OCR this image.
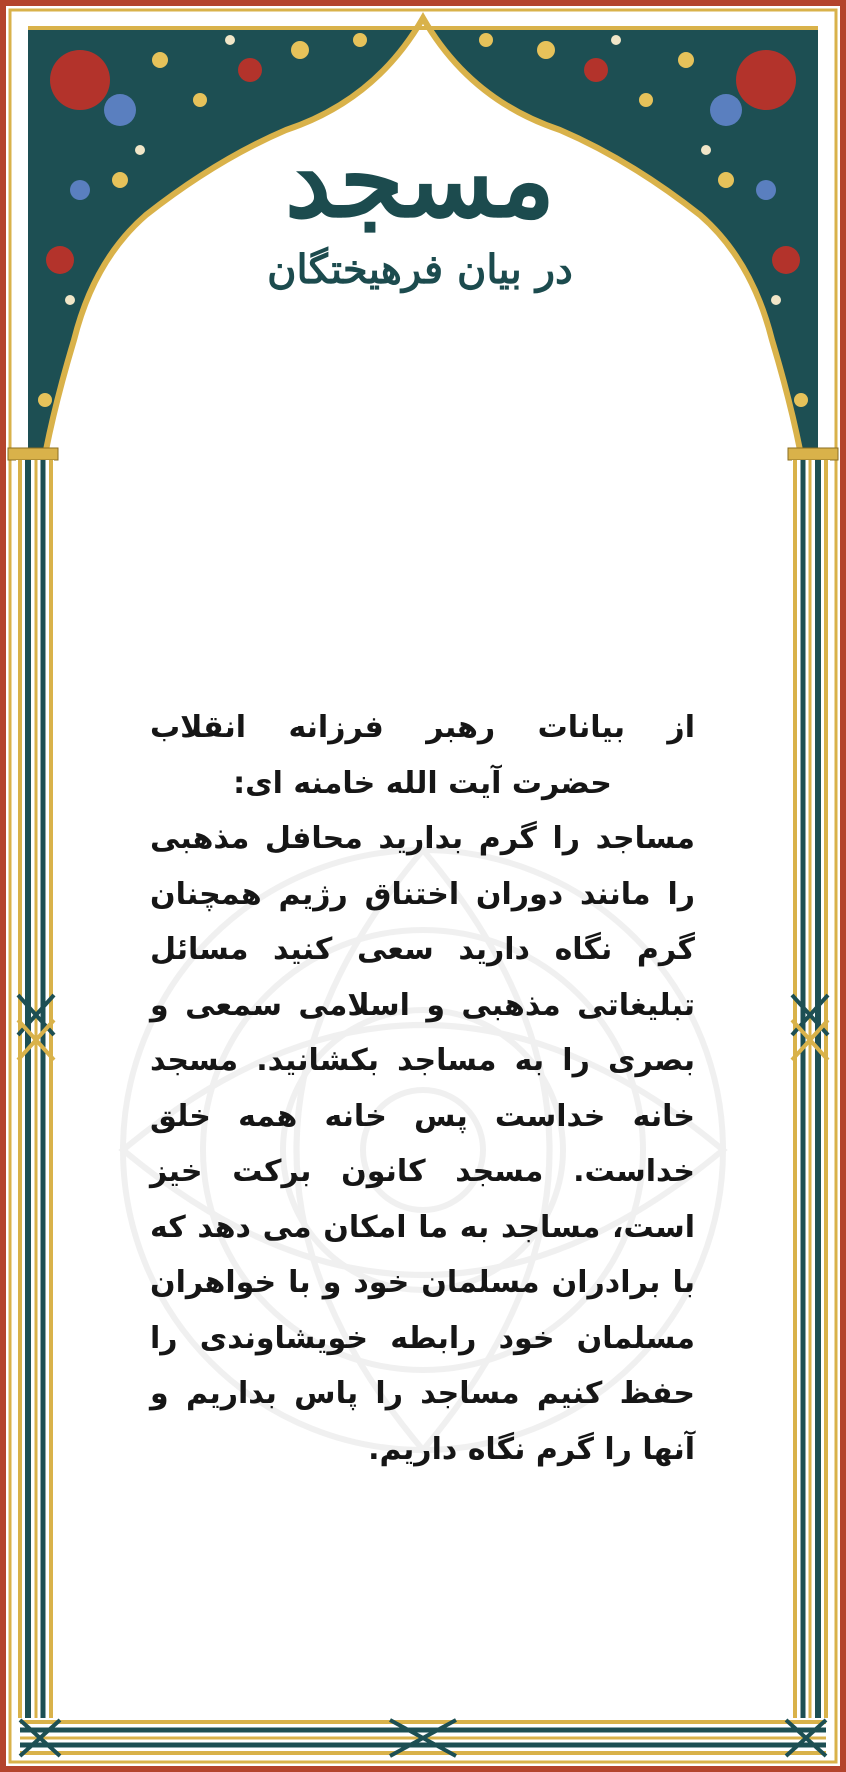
مسجد
در بیان فرهیختگان
از بیانات رهبر فرزانه انقلاب
حضرت آیت الله خامنه ای:
مساجد را گرم بدارید محافل مذهبی را مانند دوران اختناق رژیم همچنان گرم نگاه دارید سعی کنید مسائل تبلیغاتی مذهبی و اسلامی سمعی و بصری را به مساجد بکشانید. مسجد خانه خداست پس خانه همه خلق خداست. مسجد کانون برکت خیز است، مساجد به ما امکان می دهد که با برادران مسلمان خود و با خواهران مسلمان خود رابطه خویشاوندی را حفظ کنیم مساجد را پاس بداریم و آنها را گرم نگاه داریم.
